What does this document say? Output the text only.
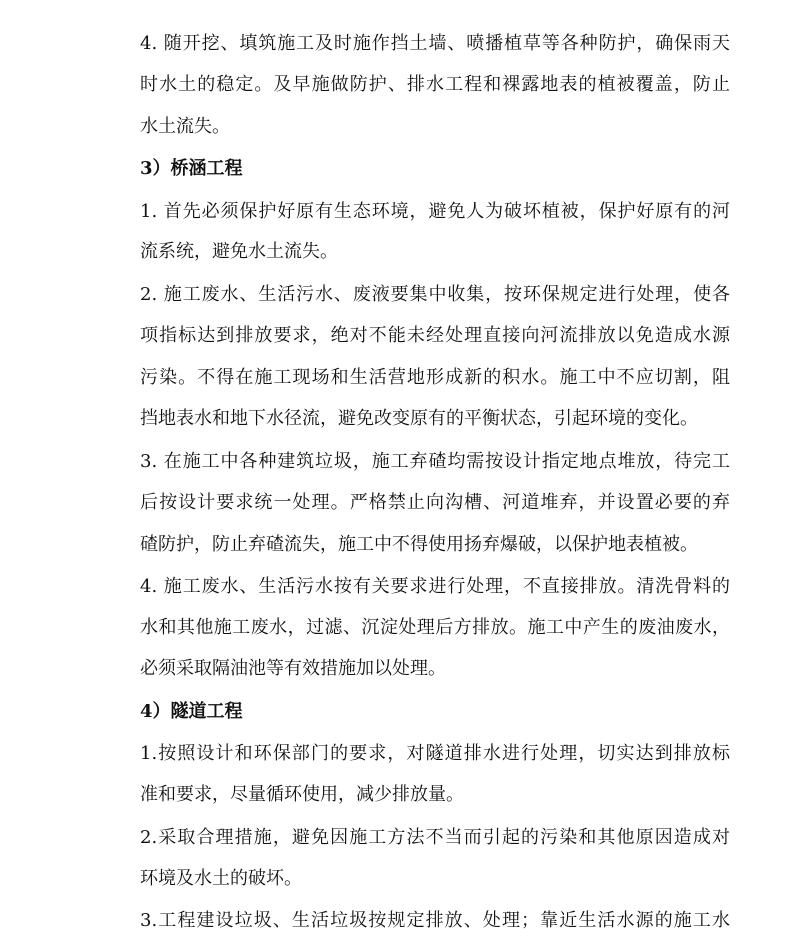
4. 随开挖、填筑施工及时施作挡土墙、喷播植草等各种防护，确保雨天
时水土的稳定。及早施做防护、排水工程和裸露地表的植被覆盖，防止
水土流失。
3）桥涵工程
1. 首先必须保护好原有生态环境，避免人为破坏植被，保护好原有的河
流系统，避免水土流失。
2. 施工废水、生活污水、废液要集中收集，按环保规定进行处理，使各
项指标达到排放要求，绝对不能未经处理直接向河流排放以免造成水源
污染。不得在施工现场和生活营地形成新的积水。施工中不应切割，阻
挡地表水和地下水径流，避免改变原有的平衡状态，引起环境的变化。
3. 在施工中各种建筑垃圾，施工弃碴均需按设计指定地点堆放，待完工
后按设计要求统一处理。严格禁止向沟槽、河道堆弃，并设置必要的弃
碴防护，防止弃碴流失，施工中不得使用扬弃爆破，以保护地表植被。
4. 施工废水、生活污水按有关要求进行处理，不直接排放。清洗骨料的
水和其他施工废水，过滤、沉淀处理后方排放。施工中产生的废油废水，
必须采取隔油池等有效措施加以处理。
4）隧道工程
1.按照设计和环保部门的要求，对隧道排水进行处理，切实达到排放标
准和要求，尽量循环使用，减少排放量。
2.采取合理措施，避免因施工方法不当而引起的污染和其他原因造成对
环境及水土的破坏。
3.工程建设垃圾、生活垃圾按规定排放、处理；靠近生活水源的施工水
